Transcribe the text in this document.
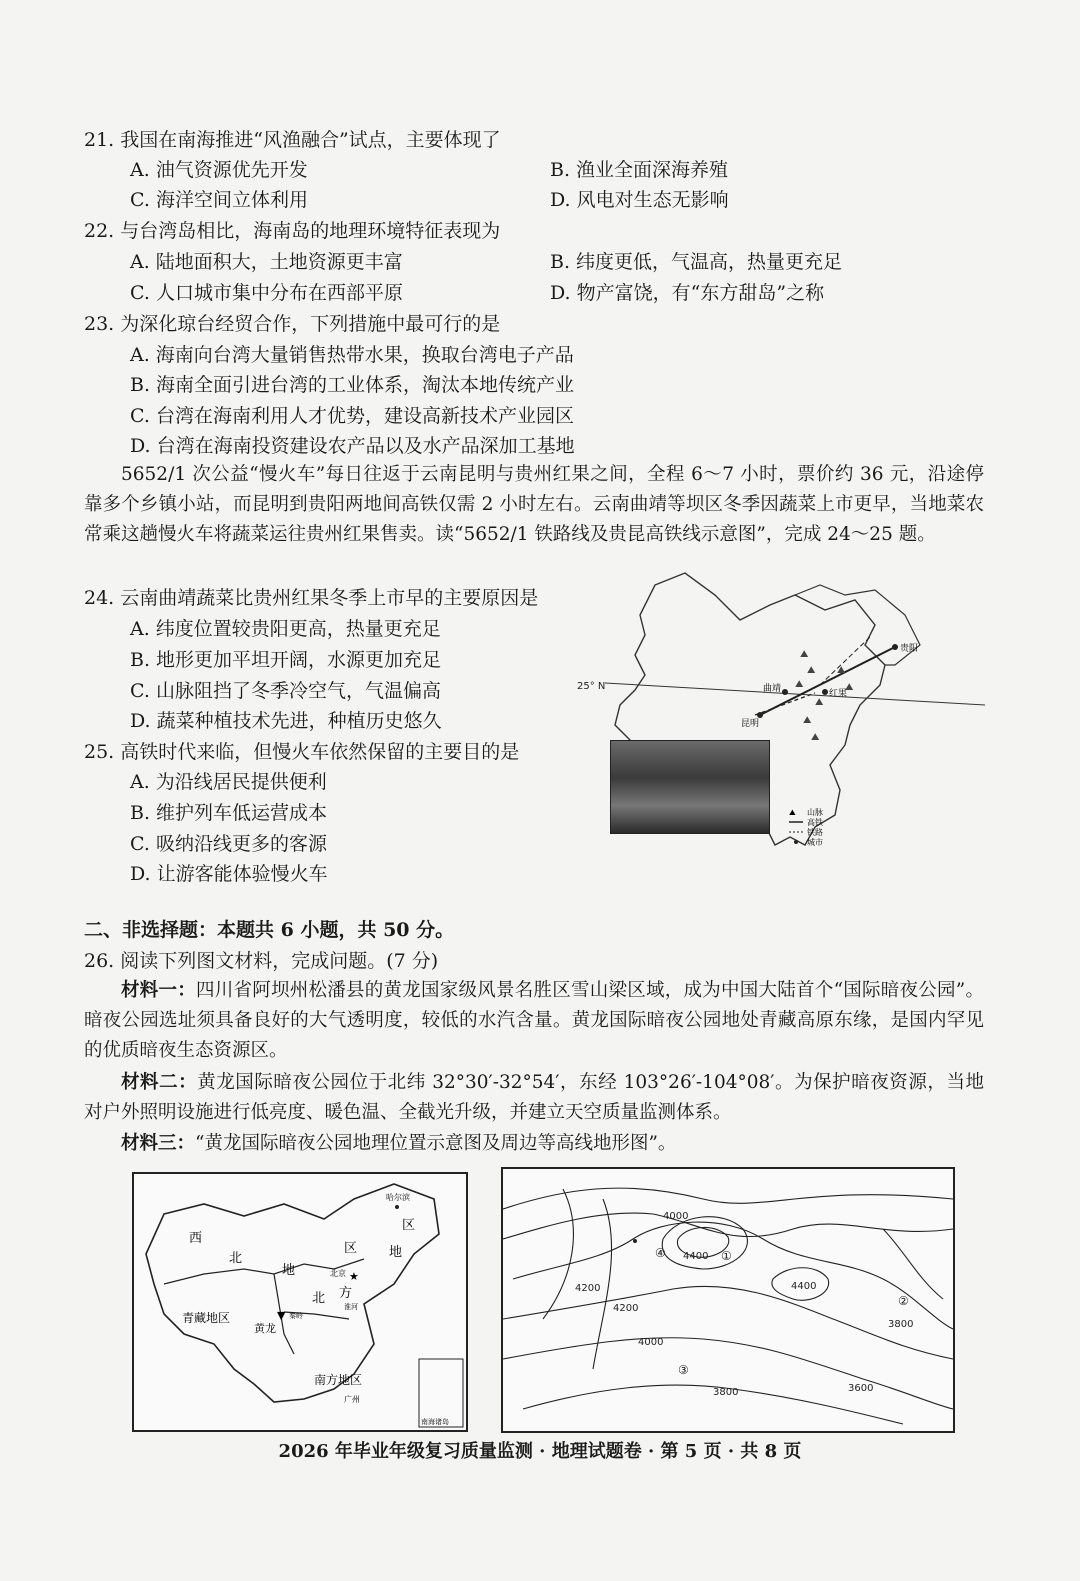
21. 我国在南海推进“风渔融合”试点，主要体现了
A. 油气资源优先开发	B. 渔业全面深海养殖
C. 海洋空间立体利用	D. 风电对生态无影响
22. 与台湾岛相比，海南岛的地理环境特征表现为
A. 陆地面积大，土地资源更丰富	B. 纬度更低，气温高，热量更充足
C. 人口城市集中分布在西部平原	D. 物产富饶，有“东方甜岛”之称
23. 为深化琼台经贸合作，下列措施中最可行的是
A. 海南向台湾大量销售热带水果，换取台湾电子产品
B. 海南全面引进台湾的工业体系，淘汰本地传统产业
C. 台湾在海南利用人才优势，建设高新技术产业园区
D. 台湾在海南投资建设农产品以及水产品深加工基地
5652/1 次公益“慢火车”每日往返于云南昆明与贵州红果之间，全程 6～7 小时，票价约 36 元，沿途停靠多个乡镇小站，而昆明到贵阳两地间高铁仅需 2 小时左右。云南曲靖等坝区冬季因蔬菜上市更早，当地菜农常乘这趟慢火车将蔬菜运往贵州红果售卖。读“5652/1 铁路线及贵昆高铁线示意图”，完成 24～25 题。
24. 云南曲靖蔬菜比贵州红果冬季上市早的主要原因是
A. 纬度位置较贵阳更高，热量更充足
B. 地形更加平坦开阔，水源更加充足
C. 山脉阻挡了冬季冷空气，气温偏高
D. 蔬菜种植技术先进，种植历史悠久
25. 高铁时代来临，但慢火车依然保留的主要目的是
A. 为沿线居民提供便利
B. 维护列车低运营成本
C. 吸纳沿线更多的客源
D. 让游客能体验慢火车
25° N
⛰
⛰
⛰
⛰
⛰
⛰
⛰
⛰
贵阳
曲靖	红果
昆明
山脉
高铁
铁路
城市
⛰
二、非选择题：本题共 6 小题，共 50 分。
26. 阅读下列图文材料，完成问题。(7 分)
材料一：四川省阿坝州松潘县的黄龙国家级风景名胜区雪山梁区域，成为中国大陆首个“国际暗夜公园”。暗夜公园选址须具备良好的大气透明度，较低的水汽含量。黄龙国际暗夜公园地处青藏高原东缘，是国内罕见的优质暗夜生态资源区。
材料二：黄龙国际暗夜公园位于北纬 32°30′-32°54′，东经 103°26′-104°08′。为保护暗夜资源，当地对户外照明设施进行低亮度、暖色温、全截光升级，并建立天空质量监测体系。
材料三：“黄龙国际暗夜公园地理位置示意图及周边等高线地形图”。
西
北
地
区 地
区
北 方
青藏地区
南方地区
哈尔滨
北京 ★
黄龙
▼ 秦岭
淮河
广州
南海诸岛
4000
4400
4200
4200
4400
4000
3800
3800	3600
①
②
③
④
2026 年毕业年级复习质量监测 · 地理试题卷 · 第 5 页 · 共 8 页
